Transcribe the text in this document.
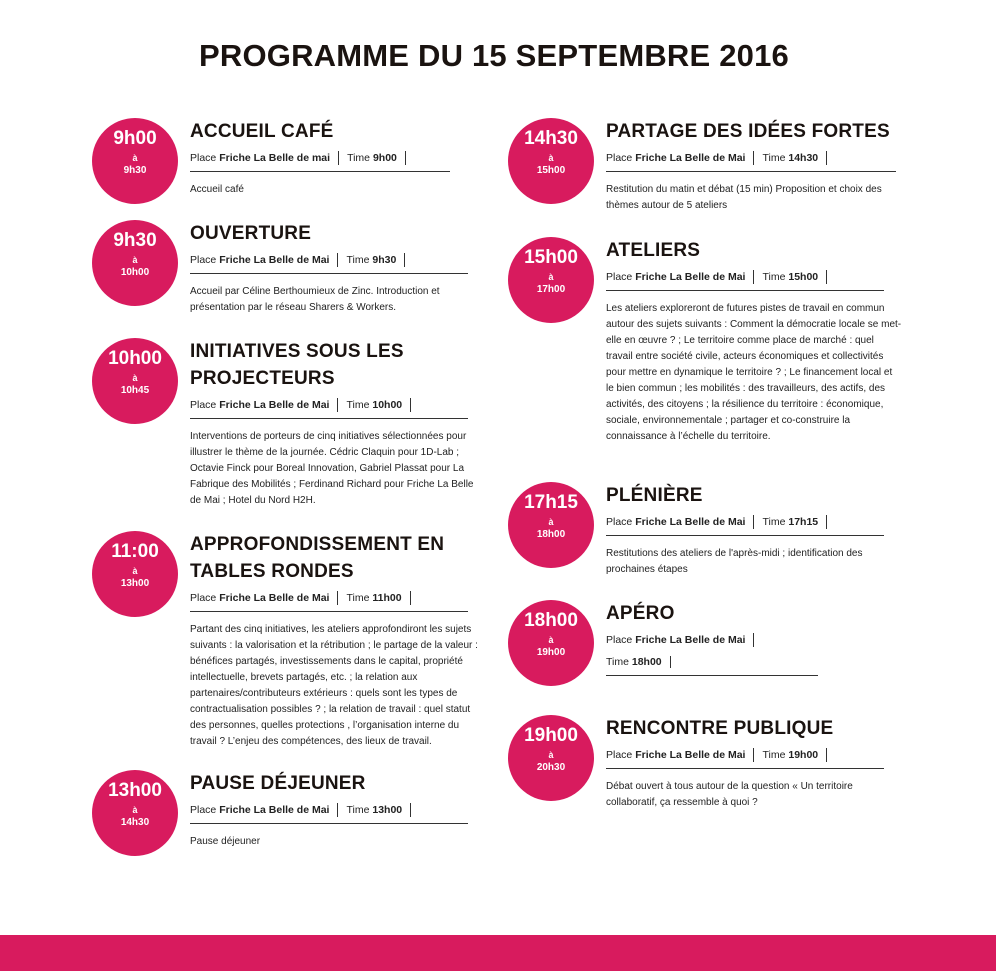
PROGRAMME DU 15 SEPTEMBRE 2016
9h00
à
9h30
ACCUEIL CAFÉ
Place Friche La Belle de mai Time 9h00
Accueil café
9h30
à
10h00
OUVERTURE
Place Friche La Belle de Mai Time 9h30
Accueil par Céline Berthoumieux de Zinc. Introduction et présentation par le réseau Sharers & Workers.
10h00
à
10h45
INITIATIVES SOUS LES PROJECTEURS
Place Friche La Belle de Mai Time 10h00
Interventions de porteurs de cinq initiatives sélectionnées pour illustrer le thème de la journée. Cédric Claquin pour 1D-Lab ; Octavie Finck pour Boreal Innovation, Gabriel Plassat pour La Fabrique des Mobilités ; Ferdinand Richard pour Friche La Belle de Mai ; Hotel du Nord H2H.
11:00
à
13h00
APPROFONDISSEMENT EN TABLES RONDES
Place Friche La Belle de Mai Time 11h00
Partant des cinq initiatives, les ateliers approfondiront les sujets suivants : la valorisation et la rétribution ; le partage de la valeur : bénéfices partagés, investissements dans le capital, propriété intellectuelle, brevets partagés, etc. ; la relation aux partenaires/contributeurs extérieurs : quels sont les types de contractualisation possibles ? ; la relation de travail : quel statut des personnes, quelles protections , l’organisation interne du travail ? L’enjeu des compétences, des lieux de travail.
13h00
à
14h30
PAUSE DÉJEUNER
Place Friche La Belle de Mai Time 13h00
Pause déjeuner
14h30
à
15h00
PARTAGE DES IDÉES FORTES
Place Friche La Belle de Mai Time 14h30
Restitution du matin et débat (15 min) Proposition et choix des thèmes autour de 5 ateliers
15h00
à
17h00
ATELIERS
Place Friche La Belle de Mai Time 15h00
Les ateliers exploreront de futures pistes de travail en commun autour des sujets suivants : Comment la démocratie locale se met-elle en œuvre ? ; Le territoire comme place de marché : quel travail entre société civile, acteurs économiques et collectivités pour mettre en dynamique le territoire ? ; Le financement local et le bien commun ; les mobilités : des travailleurs, des actifs, des activités, des citoyens ; la résilience du territoire : économique, sociale, environnementale ; partager et co-construire la connaissance à l’échelle du territoire.
17h15
à
18h00
PLÉNIÈRE
Place Friche La Belle de Mai Time 17h15
Restitutions des ateliers de l'après-midi ; identification des prochaines étapes
18h00
à
19h00
APÉRO
Place Friche La Belle de Mai
Time 18h00
19h00
à
20h30
RENCONTRE PUBLIQUE
Place Friche La Belle de Mai Time 19h00
Débat ouvert à tous autour de la question « Un territoire collaboratif, ça ressemble à quoi ?
